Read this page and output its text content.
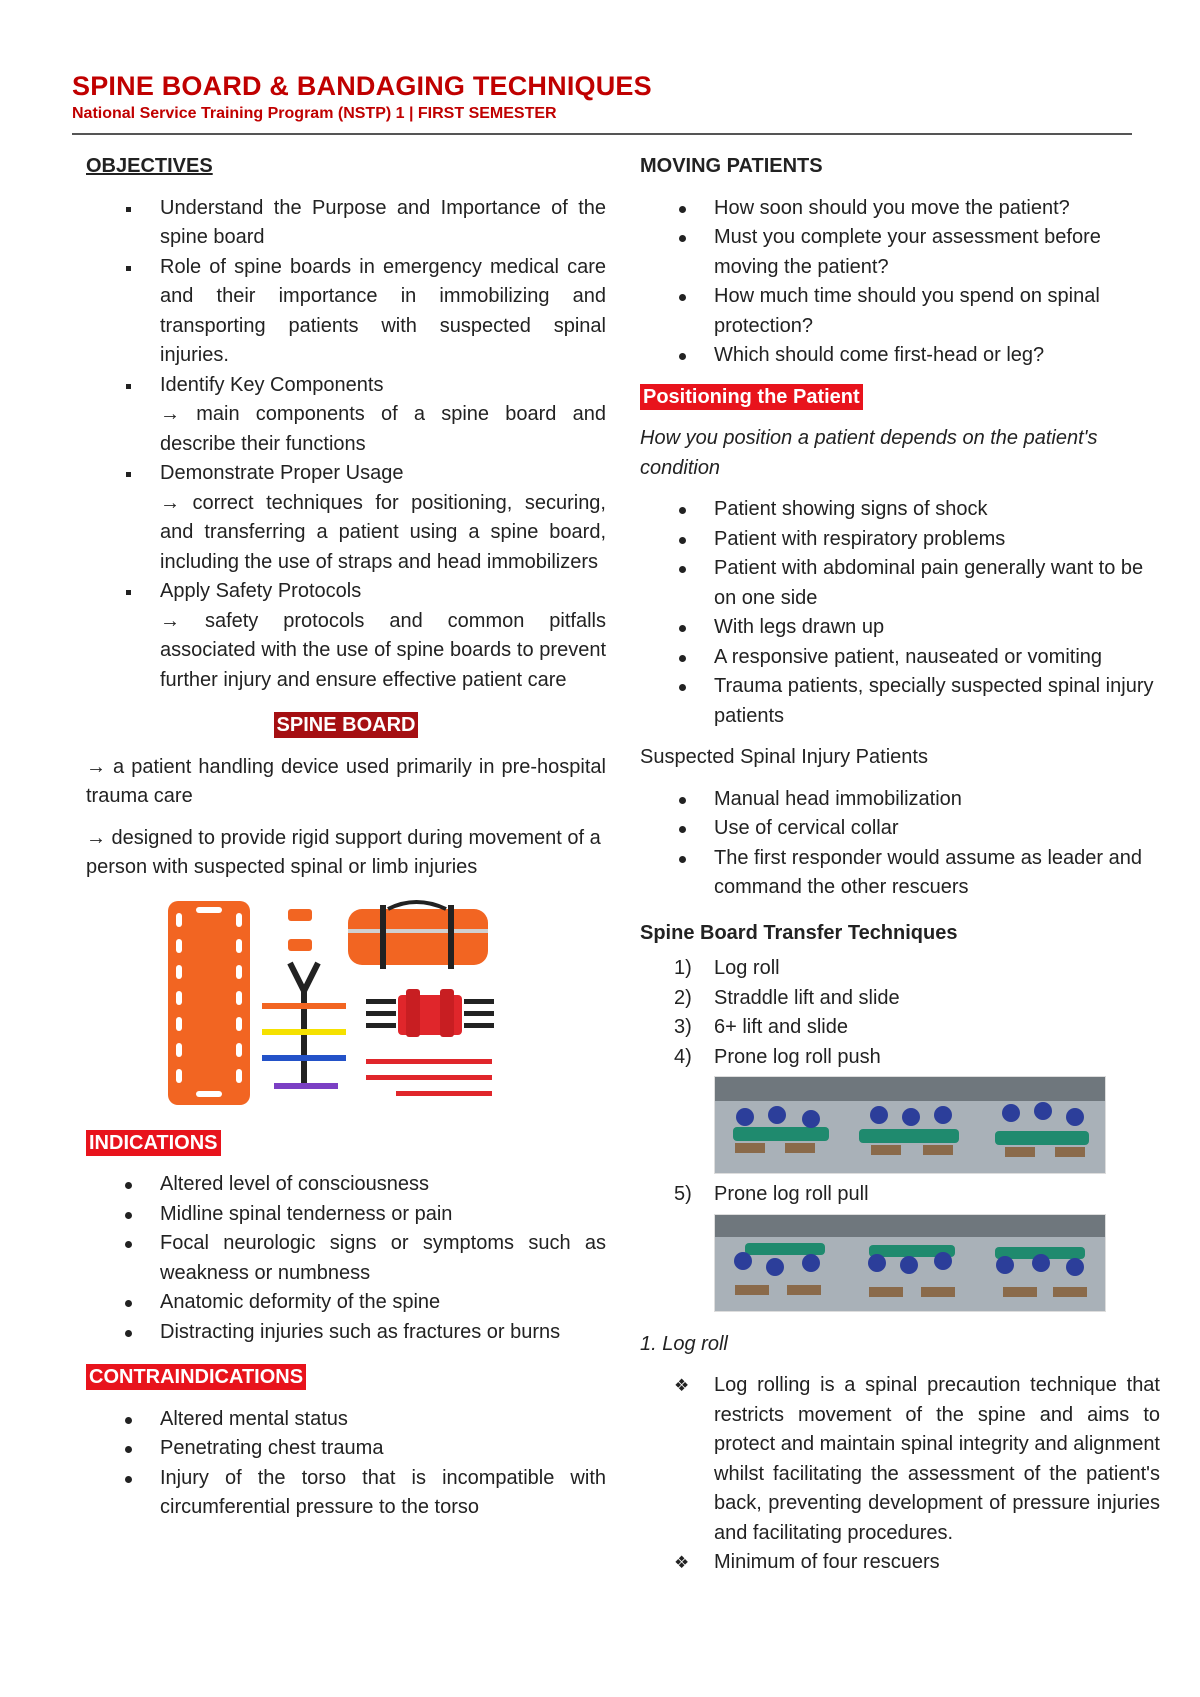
SPINE BOARD & BANDAGING TECHNIQUES
National Service Training Program (NSTP) 1 | FIRST SEMESTER

OBJECTIVES

Understand the Purpose and Importance of the spine board
Role of spine boards in emergency medical care and their importance in immobilizing and transporting patients with suspected spinal injuries.
Identify Key Components
→ main components of a spine board and describe their functions
Demonstrate Proper Usage
→ correct techniques for positioning, securing, and transferring a patient using a spine board, including the use of straps and head immobilizers
Apply Safety Protocols
→ safety protocols and common pitfalls associated with the use of spine boards to prevent further injury and ensure effective patient care

SPINE BOARD

→ a patient handling device used primarily in pre-hospital trauma care

→ designed to provide rigid support during movement of a person with suspected spinal or limb injuries

INDICATIONS

Altered level of consciousness
Midline spinal tenderness or pain
Focal neurologic signs or symptoms such as weakness or numbness
Anatomic deformity of the spine
Distracting injuries such as fractures or burns

CONTRAINDICATIONS

Altered mental status
Penetrating chest trauma
Injury of the torso that is incompatible with circumferential pressure to the torso

MOVING PATIENTS

How soon should you move the patient?
Must you complete your assessment before moving the patient?
How much time should you spend on spinal protection?
Which should come first-head or leg?

Positioning the Patient

How you position a patient depends on the patient's condition

Patient showing signs of shock
Patient with respiratory problems
Patient with abdominal pain generally want to be on one side
With legs drawn up
A responsive patient, nauseated or vomiting
Trauma patients, specially suspected spinal injury patients

Suspected Spinal Injury Patients

Manual head immobilization
Use of cervical collar
The first responder would assume as leader and command the other rescuers

Spine Board Transfer Techniques

1) Log roll
2) Straddle lift and slide
3) 6+ lift and slide
4) Prone log roll push
5) Prone log roll pull

1. Log roll

❖ Log rolling is a spinal precaution technique that restricts movement of the spine and aims to protect and maintain spinal integrity and alignment whilst facilitating the assessment of the patient's back, preventing development of pressure injuries and facilitating procedures.
❖ Minimum of four rescuers
